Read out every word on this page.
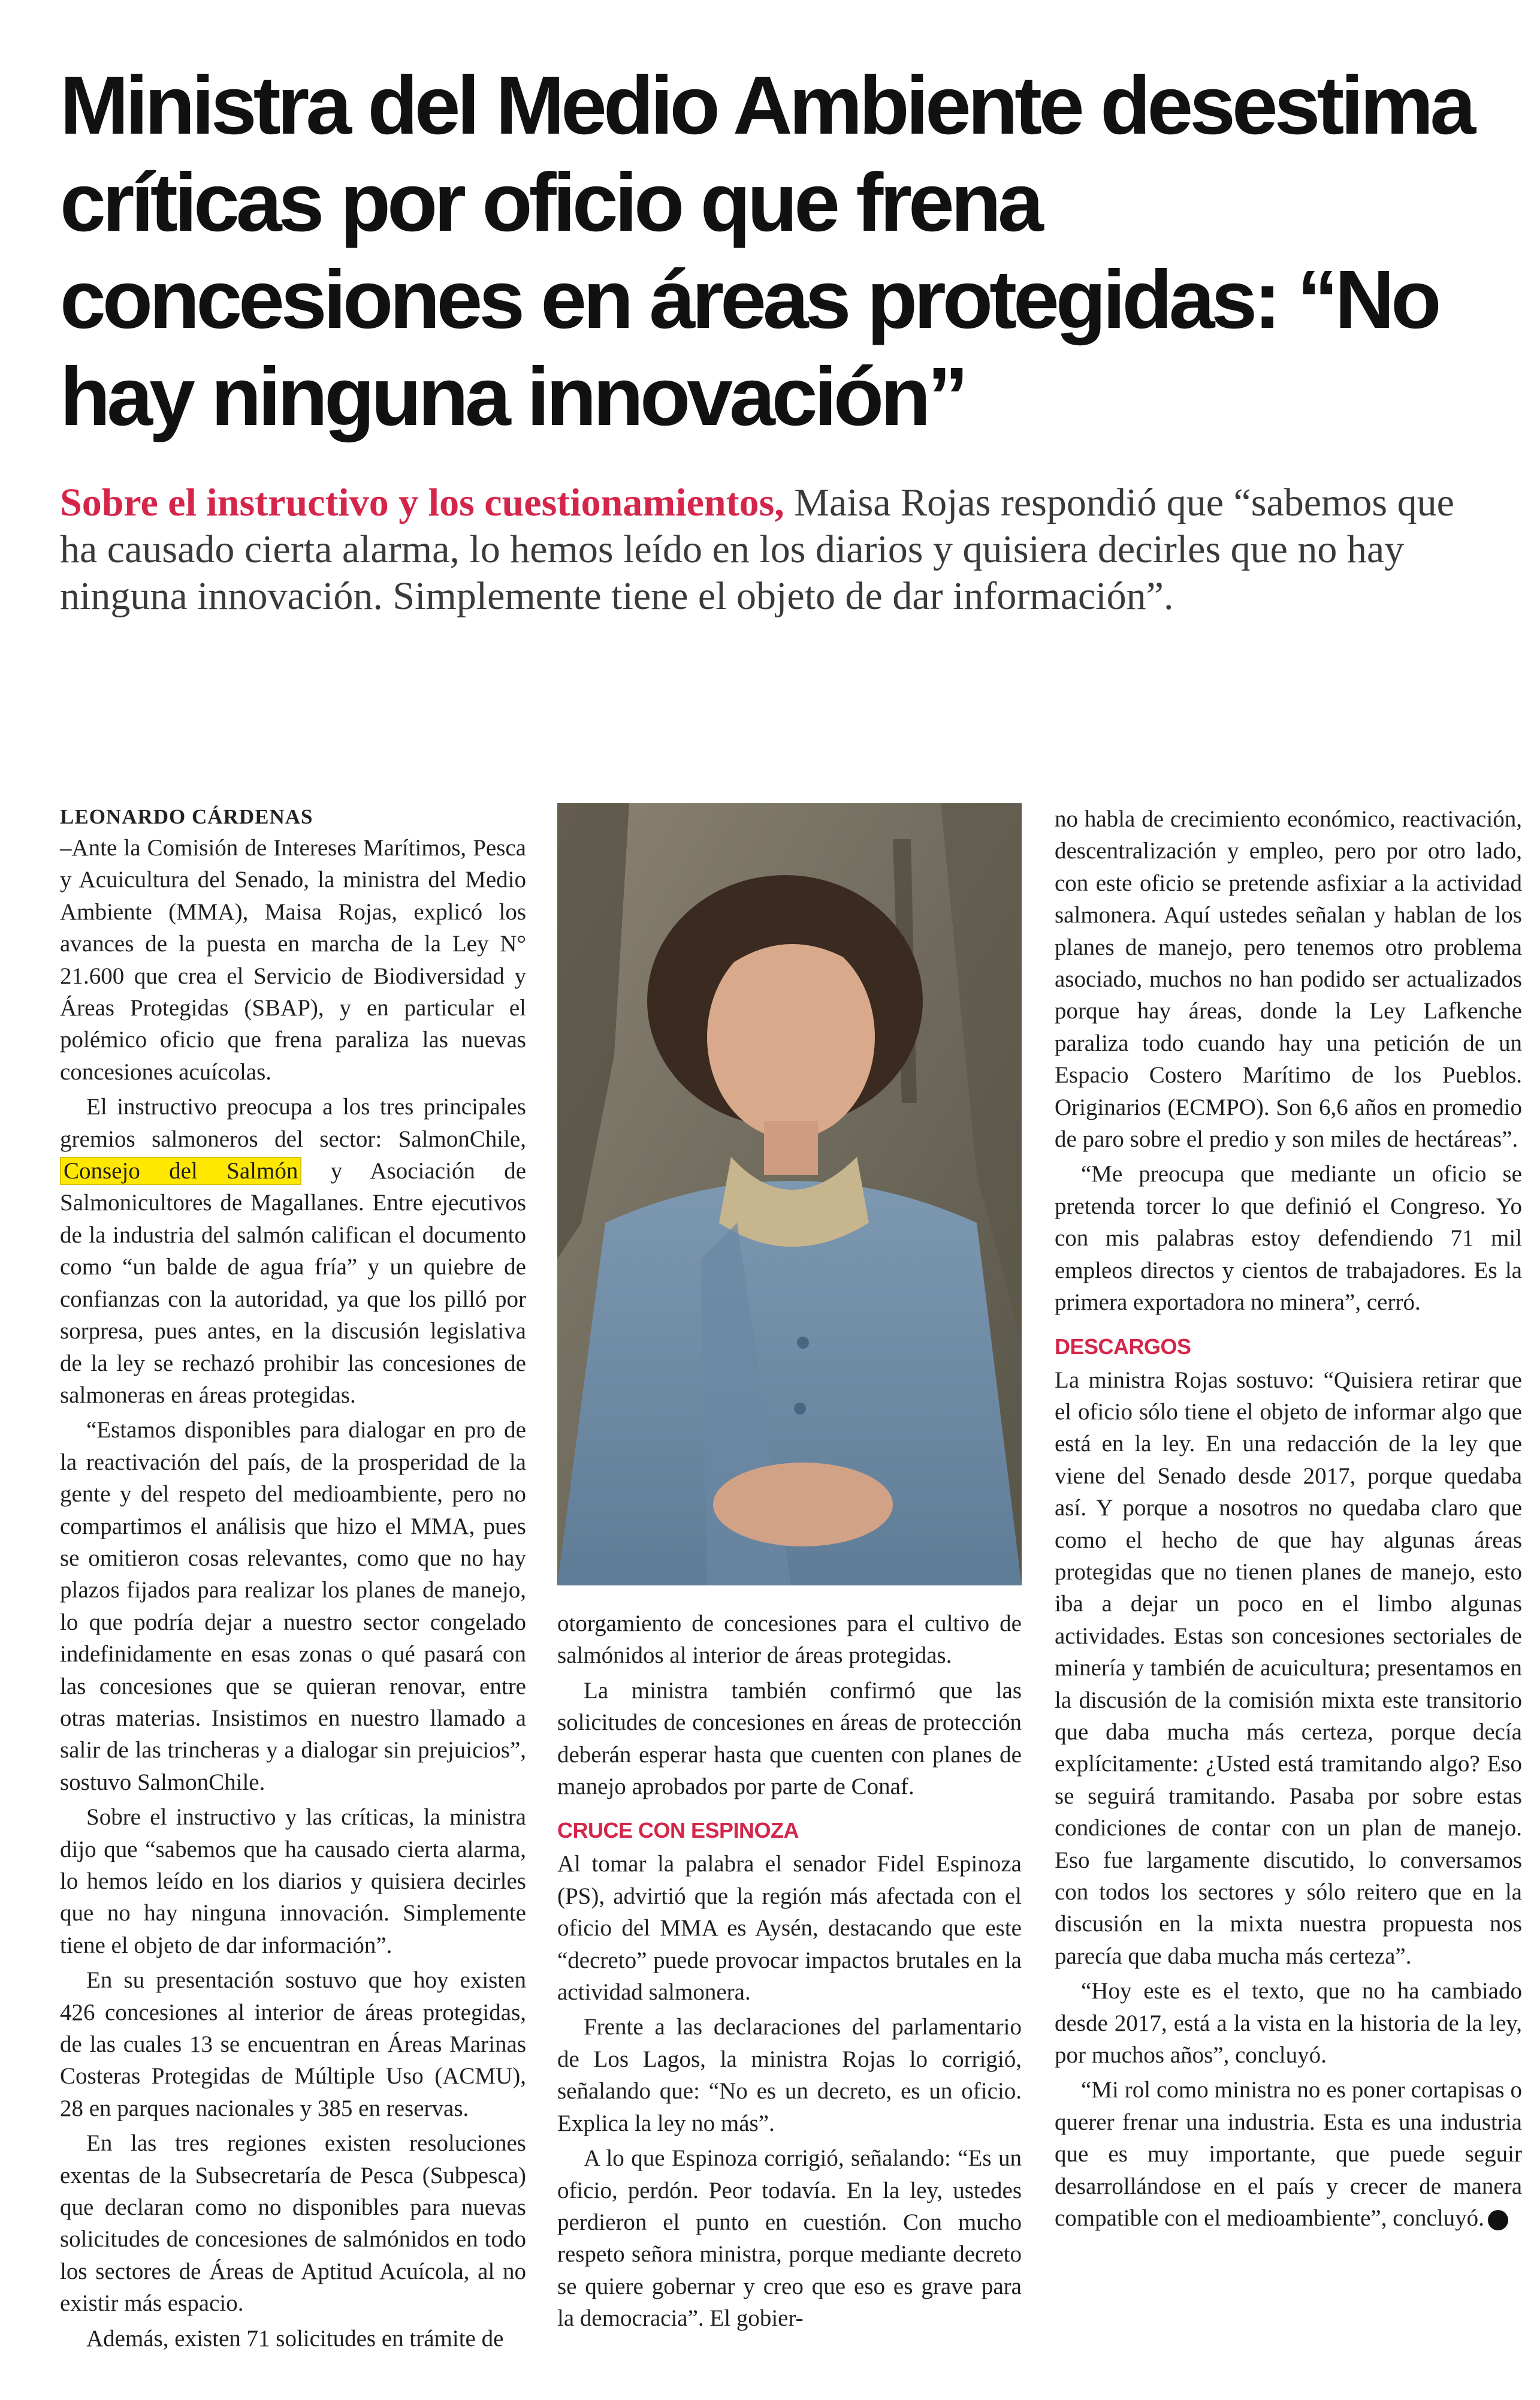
Ministra del Medio Ambiente desestima críticas por oficio que frena concesiones en áreas protegidas: “No hay ninguna innovación”

Sobre el instructivo y los cuestionamientos, Maisa Rojas respondió que “sabemos que ha causado cierta alarma, lo hemos leído en los diarios y quisiera decirles que no hay ninguna innovación. Simplemente tiene el objeto de dar información”.

LEONARDO CÁRDENAS

–Ante la Comisión de Intereses Marítimos, Pesca y Acuicultura del Senado, la ministra del Medio Ambiente (MMA), Maisa Rojas, explicó los avances de la puesta en marcha de la Ley N° 21.600 que crea el Servicio de Biodiversidad y Áreas Protegidas (SBAP), y en particular el polémico oficio que frena paraliza las nuevas concesiones acuícolas.

El instructivo preocupa a los tres principales gremios salmoneros del sector: SalmonChile, Consejo del Salmón y Asociación de Salmonicultores de Magallanes. Entre ejecutivos de la industria del salmón califican el documento como “un balde de agua fría” y un quiebre de confianzas con la autoridad, ya que los pilló por sorpresa, pues antes, en la discusión legislativa de la ley se rechazó prohibir las concesiones de salmoneras en áreas protegidas.

“Estamos disponibles para dialogar en pro de la reactivación del país, de la prosperidad de la gente y del respeto del medioambiente, pero no compartimos el análisis que hizo el MMA, pues se omitieron cosas relevantes, como que no hay plazos fijados para realizar los planes de manejo, lo que podría dejar a nuestro sector congelado indefinidamente en esas zonas o qué pasará con las concesiones que se quieran renovar, entre otras materias. Insistimos en nuestro llamado a salir de las trincheras y a dialogar sin prejuicios”, sostuvo SalmonChile.

Sobre el instructivo y las críticas, la ministra dijo que “sabemos que ha causado cierta alarma, lo hemos leído en los diarios y quisiera decirles que no hay ninguna innovación. Simplemente tiene el objeto de dar información”.

En su presentación sostuvo que hoy existen 426 concesiones al interior de áreas protegidas, de las cuales 13 se encuentran en Áreas Marinas Costeras Protegidas de Múltiple Uso (ACMU), 28 en parques nacionales y 385 en reservas.

En las tres regiones existen resoluciones exentas de la Subsecretaría de Pesca (Subpesca) que declaran como no disponibles para nuevas solicitudes de concesiones de salmónidos en todo los sectores de Áreas de Aptitud Acuícola, al no existir más espacio.

Además, existen 71 solicitudes en trámite de

otorgamiento de concesiones para el cultivo de salmónidos al interior de áreas protegidas.

La ministra también confirmó que las solicitudes de concesiones en áreas de protección deberán esperar hasta que cuenten con planes de manejo aprobados por parte de Conaf.

CRUCE CON ESPINOZA

Al tomar la palabra el senador Fidel Espinoza (PS), advirtió que la región más afectada con el oficio del MMA es Aysén, destacando que este “decreto” puede provocar impactos brutales en la actividad salmonera.

Frente a las declaraciones del parlamentario de Los Lagos, la ministra Rojas lo corrigió, señalando que: “No es un decreto, es un oficio. Explica la ley no más”.

A lo que Espinoza corrigió, señalando: “Es un oficio, perdón. Peor todavía. En la ley, ustedes perdieron el punto en cuestión. Con mucho respeto señora ministra, porque mediante decreto se quiere gobernar y creo que eso es grave para la democracia”. El gobier-

no habla de crecimiento económico, reactivación, descentralización y empleo, pero por otro lado, con este oficio se pretende asfixiar a la actividad salmonera. Aquí ustedes señalan y hablan de los planes de manejo, pero tenemos otro problema asociado, muchos no han podido ser actualizados porque hay áreas, donde la Ley Lafkenche paraliza todo cuando hay una petición de un Espacio Costero Marítimo de los Pueblos. Originarios (ECMPO). Son 6,6 años en promedio de paro sobre el predio y son miles de hectáreas”.

“Me preocupa que mediante un oficio se pretenda torcer lo que definió el Congreso. Yo con mis palabras estoy defendiendo 71 mil empleos directos y cientos de trabajadores. Es la primera exportadora no minera”, cerró.

DESCARGOS

La ministra Rojas sostuvo: “Quisiera retirar que el oficio sólo tiene el objeto de informar algo que está en la ley. En una redacción de la ley que viene del Senado desde 2017, porque quedaba así. Y porque a nosotros no quedaba claro que como el hecho de que hay algunas áreas protegidas que no tienen planes de manejo, esto iba a dejar un poco en el limbo algunas actividades. Estas son concesiones sectoriales de minería y también de acuicultura; presentamos en la discusión de la comisión mixta este transitorio que daba mucha más certeza, porque decía explícitamente: ¿Usted está tramitando algo? Eso se seguirá tramitando. Pasaba por sobre estas condiciones de contar con un plan de manejo. Eso fue largamente discutido, lo conversamos con todos los sectores y sólo reitero que en la discusión en la mixta nuestra propuesta nos parecía que daba mucha más certeza”.

“Hoy este es el texto, que no ha cambiado desde 2017, está a la vista en la historia de la ley, por muchos años”, concluyó.

“Mi rol como ministra no es poner cortapisas o querer frenar una industria. Esta es una industria que es muy importante, que puede seguir desarrollándose en el país y crecer de manera compatible con el medioambiente”, concluyó. P
